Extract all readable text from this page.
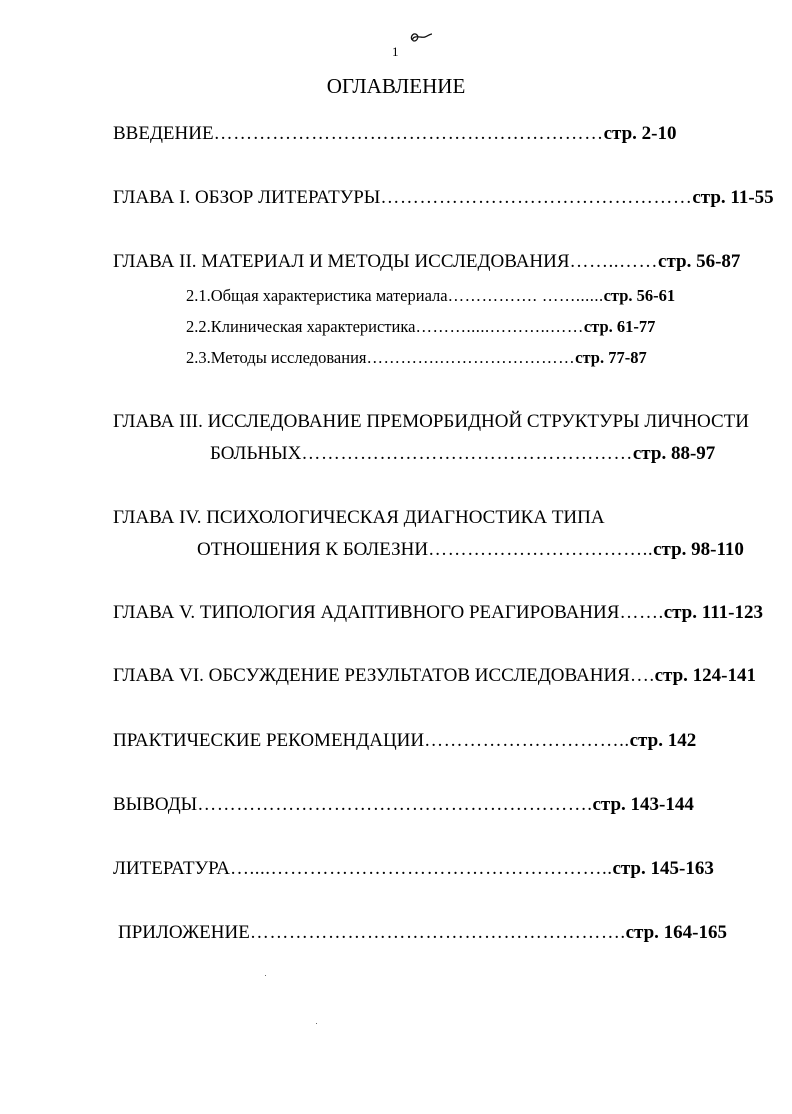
1
ОГЛАВЛЕНИЕ
ВВЕДЕНИЕ……………………………………………………стр. 2-10
ГЛАВА I. ОБЗОР ЛИТЕРАТУРЫ…………………………………………стр. 11-55
ГЛАВА II. МАТЕРИАЛ И МЕТОДЫ ИССЛЕДОВАНИЯ……..……стр. 56-87
2.1.Общая характеристика материала……………. ……......стр. 56-61
2.2.Клиническая характеристика……….....………..……стр. 61-77
2.3.Методы исследования………….……………………стр. 77-87
ГЛАВА III. ИССЛЕДОВАНИЕ ПРЕМОРБИДНОЙ СТРУКТУРЫ ЛИЧНОСТИ
БОЛЬНЫХ……………………………………………стр. 88-97
ГЛАВА IV. ПСИХОЛОГИЧЕСКАЯ ДИАГНОСТИКА ТИПА
ОТНОШЕНИЯ К БОЛЕЗНИ……………………………..стр. 98-110
ГЛАВА V. ТИПОЛОГИЯ АДАПТИВНОГО РЕАГИРОВАНИЯ…….стр. 111-123
ГЛАВА VI. ОБСУЖДЕНИЕ РЕЗУЛЬТАТОВ ИССЛЕДОВАНИЯ….стр. 124-141
ПРАКТИЧЕСКИЕ РЕКОМЕНДАЦИИ…………………………..стр. 142
ВЫВОДЫ…………………………………………………….стр. 143-144
ЛИТЕРАТУРА…....……………………………………………..стр. 145-163
ПРИЛОЖЕНИЕ………………………………………………….стр. 164-165
